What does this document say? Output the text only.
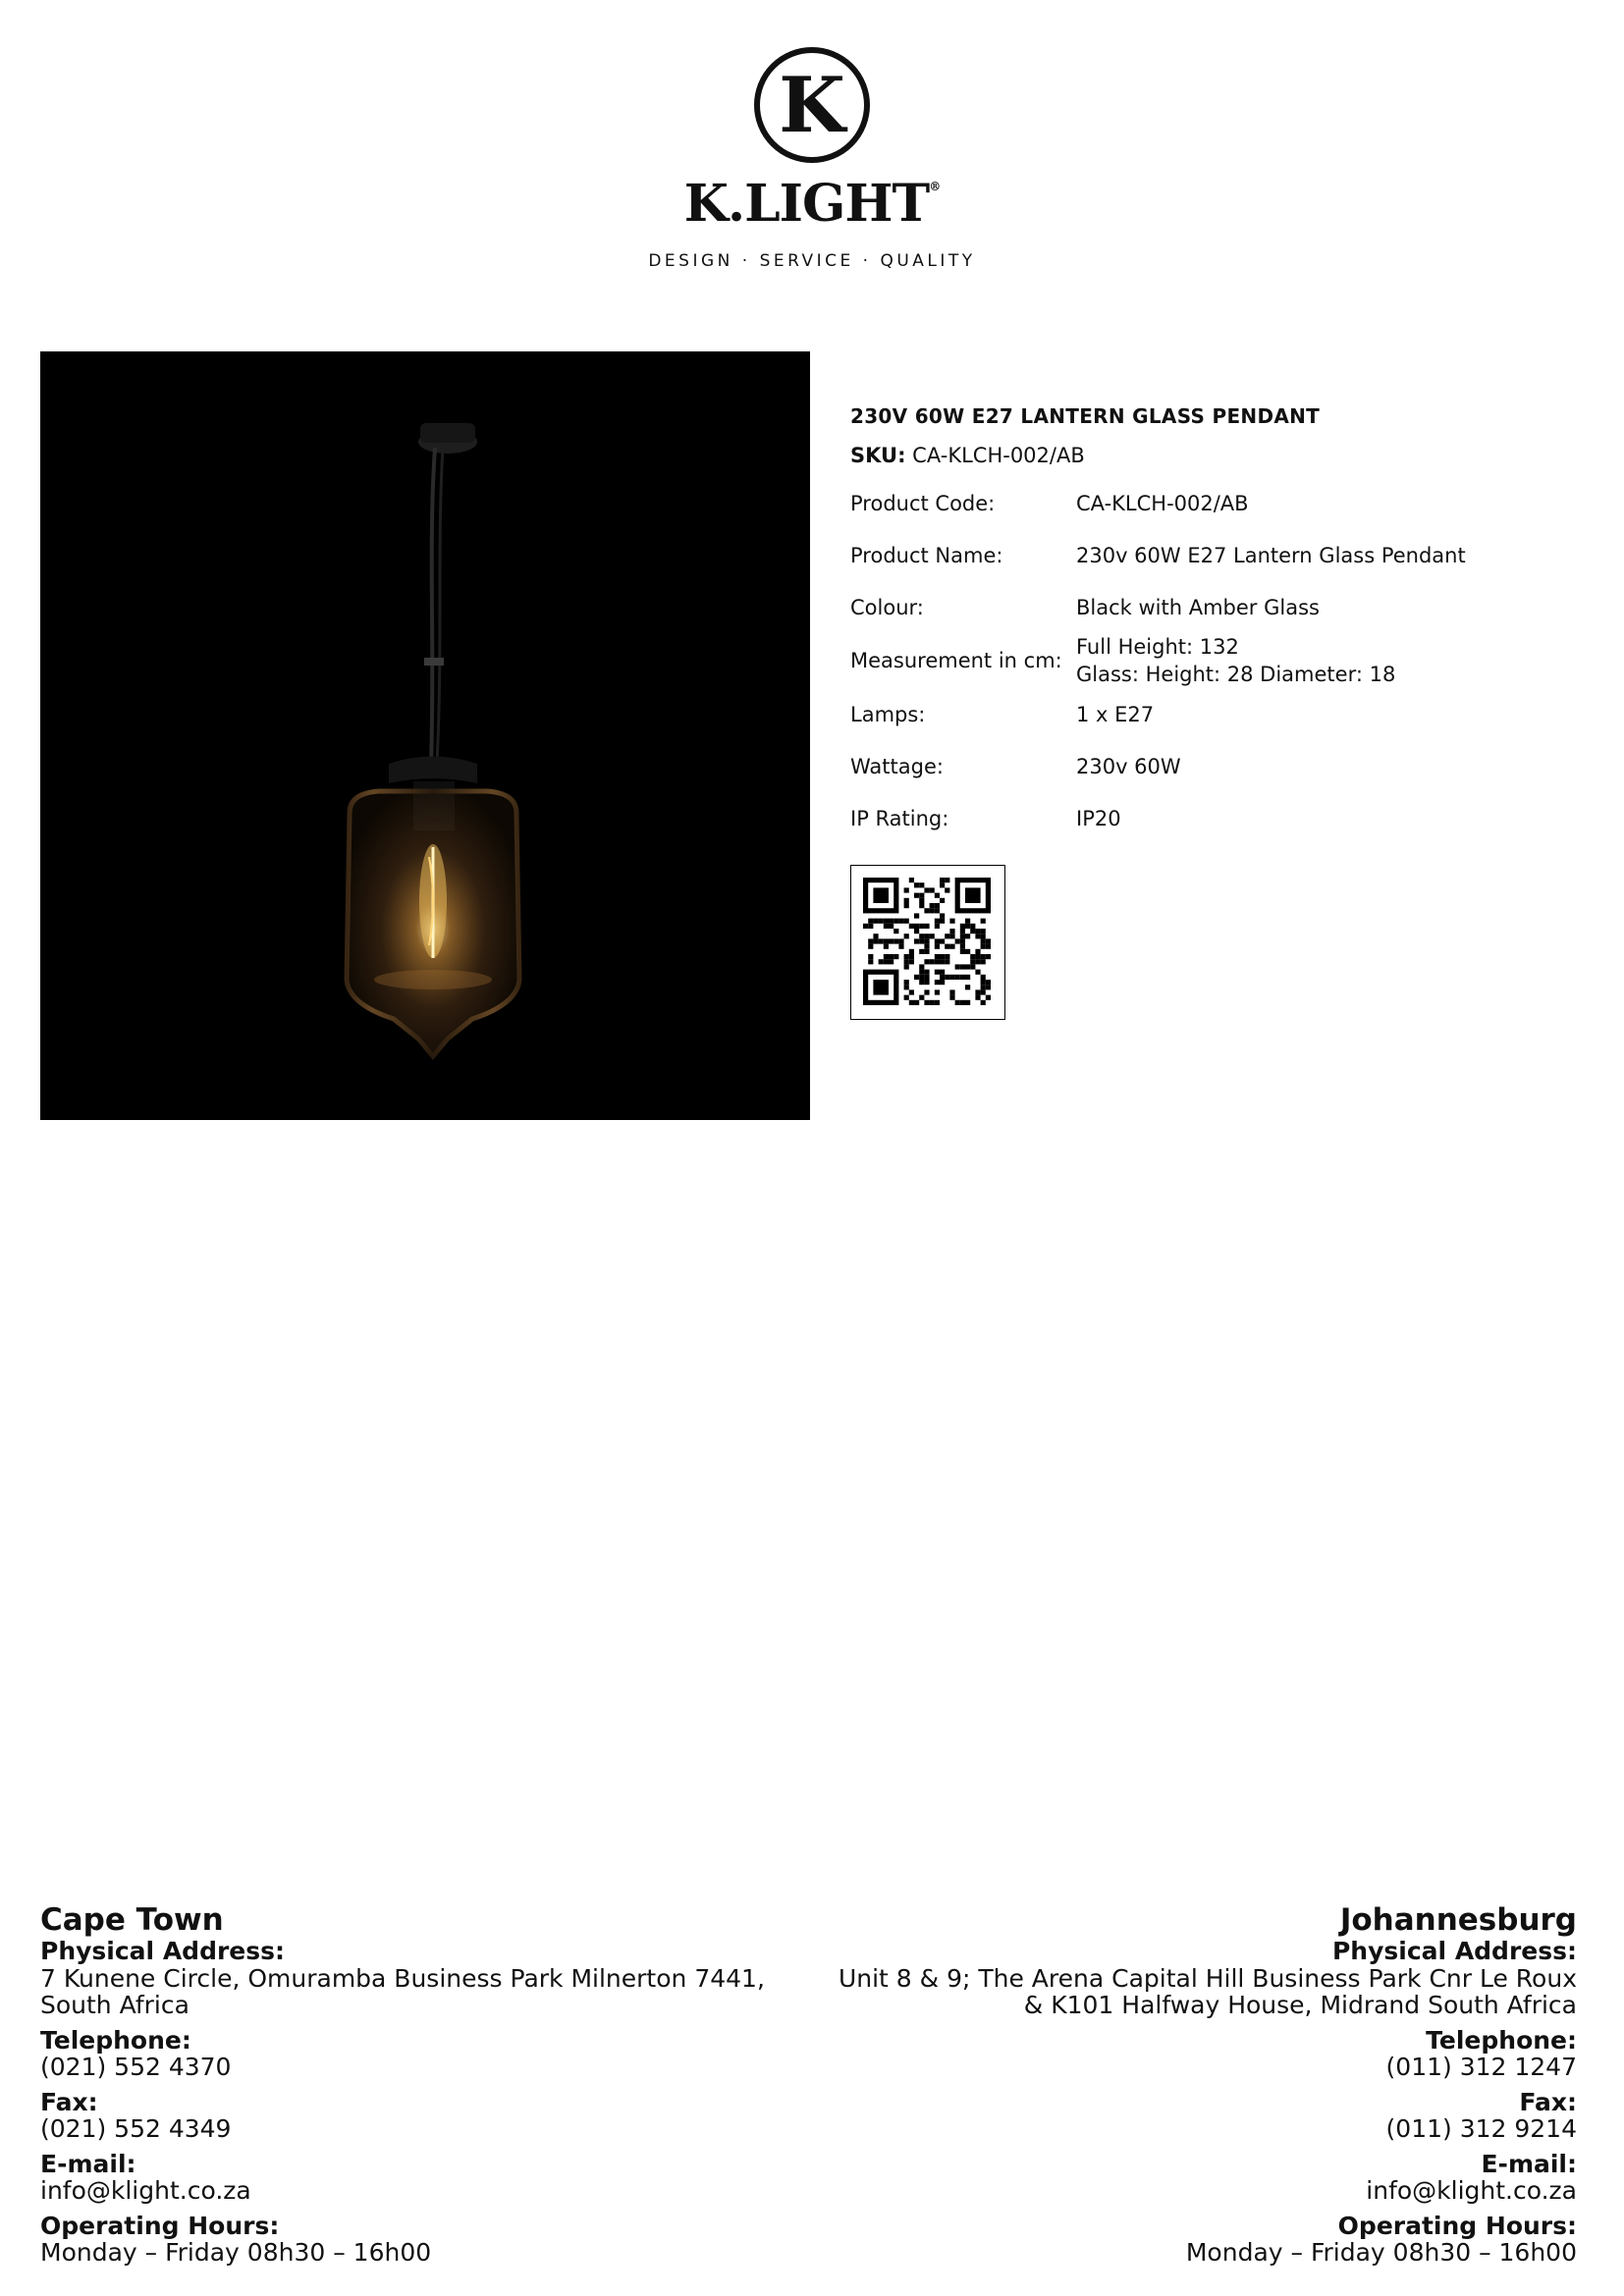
K
K.LIGHT®
DESIGN · SERVICE · QUALITY
230V 60W E27 LANTERN GLASS PENDANT
SKU: CA-KLCH-002/AB
Product Code:	CA-KLCH-002/AB
Product Name:	230v 60W E27 Lantern Glass Pendant
Colour:	Black with Amber Glass
Measurement in cm:	Full Height: 132
Glass: Height: 28 Diameter: 18

Lamps:	1 x E27
Wattage:	230v 60W
IP Rating:	IP20
Cape Town
Physical Address:
7 Kunene Circle, Omuramba Business Park Milnerton 7441, South Africa
Telephone:
(021) 552 4370
Fax:
(021) 552 4349
E-mail:
info@klight.co.za
Operating Hours:
Monday – Friday 08h30 – 16h00
Johannesburg
Physical Address:
Unit 8 & 9; The Arena Capital Hill Business Park Cnr Le Roux
& K101 Halfway House, Midrand South Africa
Telephone:
(011) 312 1247
Fax:
(011) 312 9214
E-mail:
info@klight.co.za
Operating Hours:
Monday – Friday 08h30 – 16h00
